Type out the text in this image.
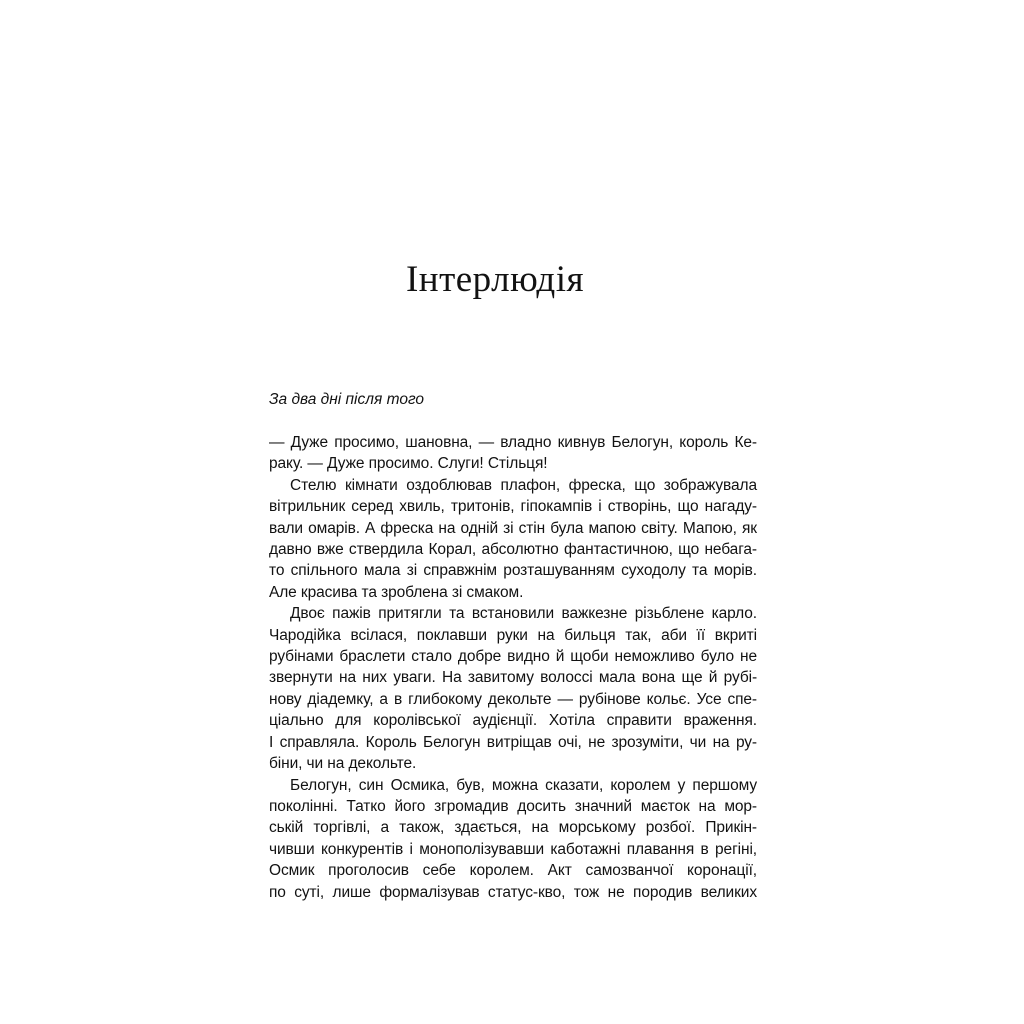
Інтерлюдія
За два дні після того
— Дуже просимо, шановна, — владно кивнув Белогун, король Ке-
раку. — Дуже просимо. Слуги! Стільця!
Стелю кімнати оздоблював плафон, фреска, що зображувала
вітрильник серед хвиль, тритонів, гіпокампів і створінь, що нагаду-
вали омарів. А фреска на одній зі стін була мапою світу. Мапою, як
давно вже ствердила Корал, абсолютно фантастичною, що небага-
то спільного мала зі справжнім розташуванням суходолу та морів.
Але красива та зроблена зі смаком.
Двоє пажів притягли та встановили важкезне різьблене карло.
Чародійка всілася, поклавши руки на бильця так, аби її вкриті
рубінами браслети стало добре видно й щоби неможливо було не
звернути на них уваги. На завитому волоссі мала вона ще й рубі-
нову діадемку, а в глибокому декольте — рубінове кольє. Усе спе-
ціально для королівської аудієнції. Хотіла справити враження.
І справляла. Король Белогун витріщав очі, не зрозуміти, чи на ру-
біни, чи на декольте.
Белогун, син Осмика, був, можна сказати, королем у першому
поколінні. Татко його згромадив досить значний маєток на мор-
ській торгівлі, а також, здається, на морському розбої. Прикін-
чивши конкурентів і монополізувавши каботажні плавання в регіні,
Осмик проголосив себе королем. Акт самозванчої коронації,
по суті, лише формалізував статус-кво, тож не породив великих
